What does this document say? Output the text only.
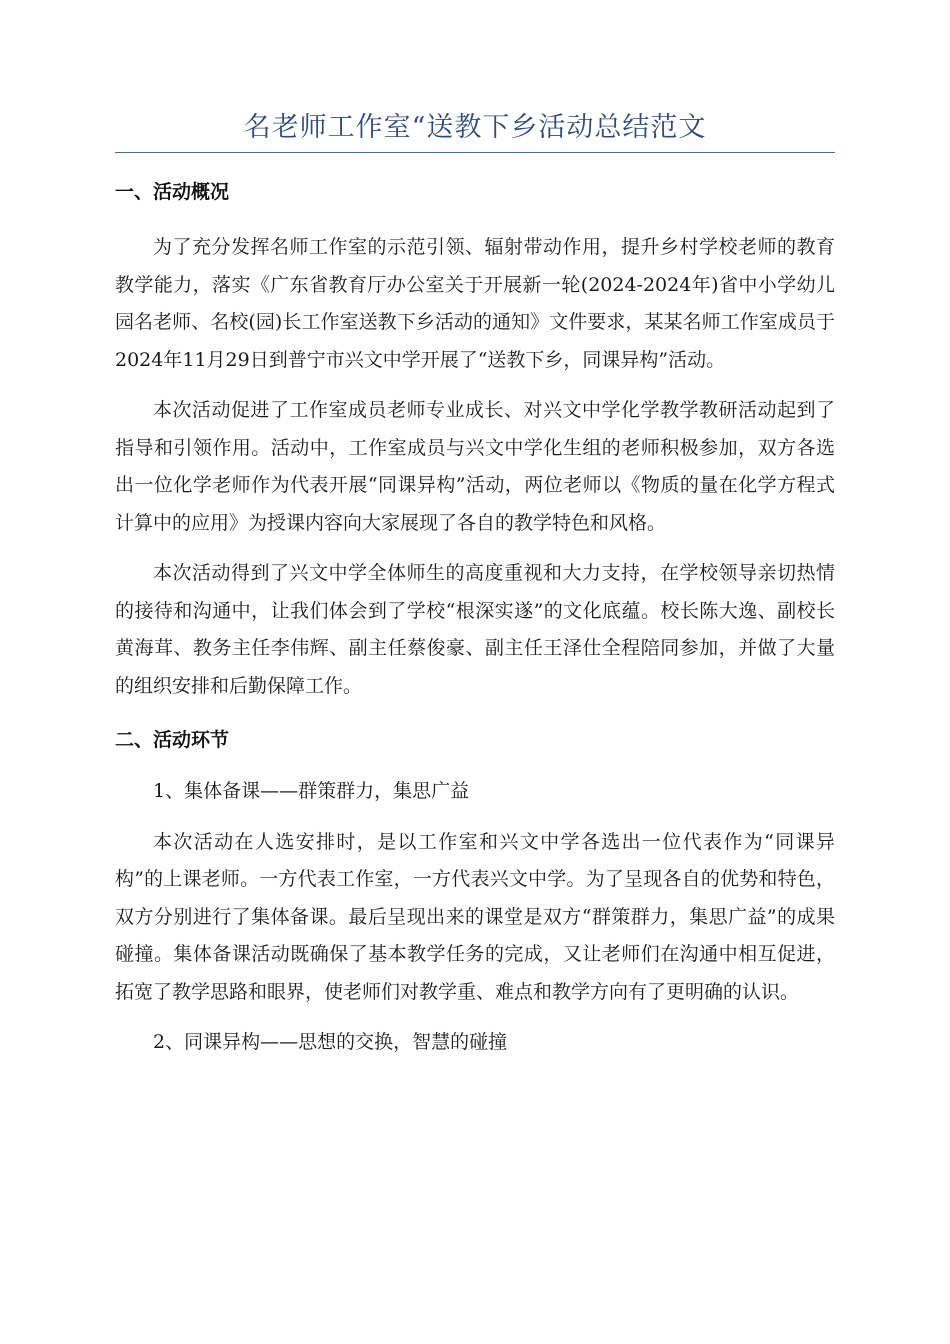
名老师工作室“送教下乡活动总结范文
一、活动概况

为了充分发挥名师工作室的示范引领、辐射带动作用，提升乡村学校老师的教育教学能力，落实《广东省教育厅办公室关于开展新一轮(2024-2024年)省中小学幼儿园名老师、名校(园)长工作室送教下乡活动的通知》文件要求，某某名师工作室成员于2024年11月29日到普宁市兴文中学开展了“送教下乡，同课异构”活动。

本次活动促进了工作室成员老师专业成长、对兴文中学化学教学教研活动起到了指导和引领作用。活动中，工作室成员与兴文中学化生组的老师积极参加，双方各选出一位化学老师作为代表开展“同课异构”活动，两位老师以《物质的量在化学方程式计算中的应用》为授课内容向大家展现了各自的教学特色和风格。

本次活动得到了兴文中学全体师生的高度重视和大力支持，在学校领导亲切热情的接待和沟通中，让我们体会到了学校“根深实遂”的文化底蕴。校长陈大逸、副校长黄海茸、教务主任李伟辉、副主任蔡俊豪、副主任王泽仕全程陪同参加，并做了大量的组织安排和后勤保障工作。

二、活动环节

1、集体备课——群策群力，集思广益

本次活动在人选安排时，是以工作室和兴文中学各选出一位代表作为“同课异构”的上课老师。一方代表工作室，一方代表兴文中学。为了呈现各自的优势和特色，双方分别进行了集体备课。最后呈现出来的课堂是双方“群策群力，集思广益”的成果碰撞。集体备课活动既确保了基本教学任务的完成，又让老师们在沟通中相互促进，拓宽了教学思路和眼界，使老师们对教学重、难点和教学方向有了更明确的认识。

2、同课异构——思想的交换，智慧的碰撞
